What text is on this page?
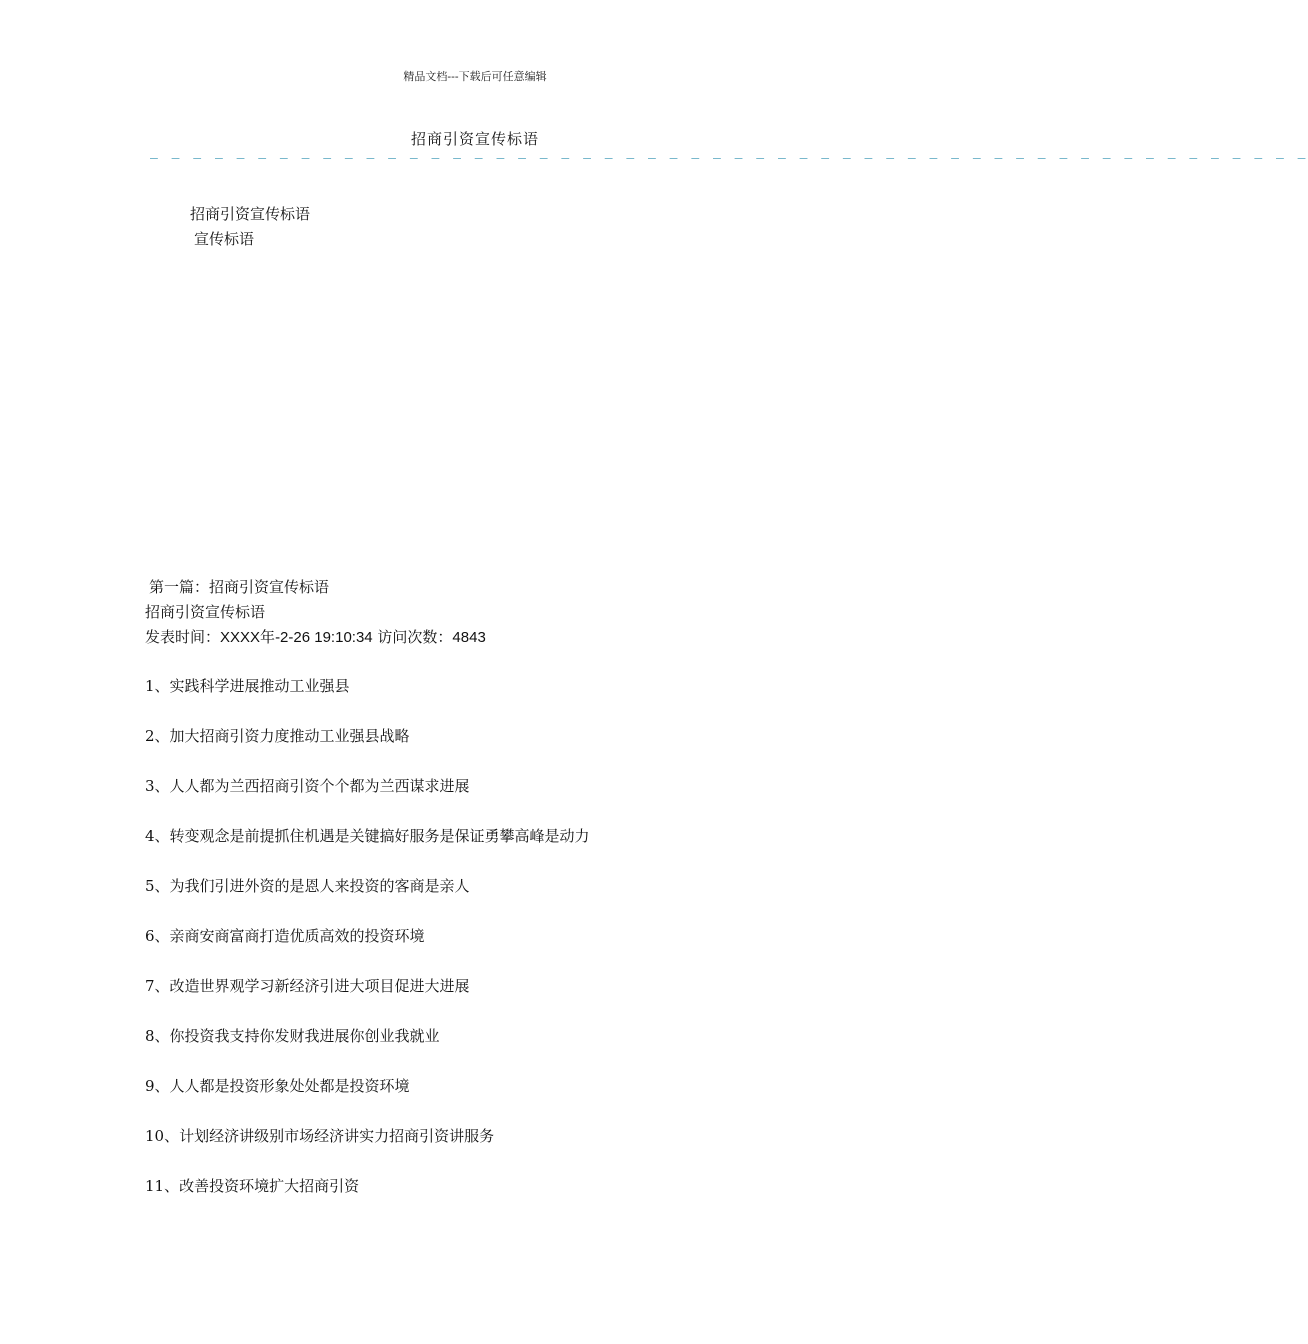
精品文档---下载后可任意编辑
招商引资宣传标语
— — — — — — — — — — — — — — — — — — — — — — — — — — — — — — — — — — — — — — — — — — — — — — — — — — — — — —
招商引资宣传标语
宣传标语
第一篇：招商引资宣传标语
招商引资宣传标语
发表时间：XXXX年-2-26 19:10:34 访问次数：4843
1、实践科学进展推动工业强县
2、加大招商引资力度推动工业强县战略
3、人人都为兰西招商引资个个都为兰西谋求进展
4、转变观念是前提抓住机遇是关键搞好服务是保证勇攀高峰是动力
5、为我们引进外资的是恩人来投资的客商是亲人
6、亲商安商富商打造优质高效的投资环境
7、改造世界观学习新经济引进大项目促进大进展
8、你投资我支持你发财我进展你创业我就业
9、人人都是投资形象处处都是投资环境
10、计划经济讲级别市场经济讲实力招商引资讲服务
11、改善投资环境扩大招商引资
